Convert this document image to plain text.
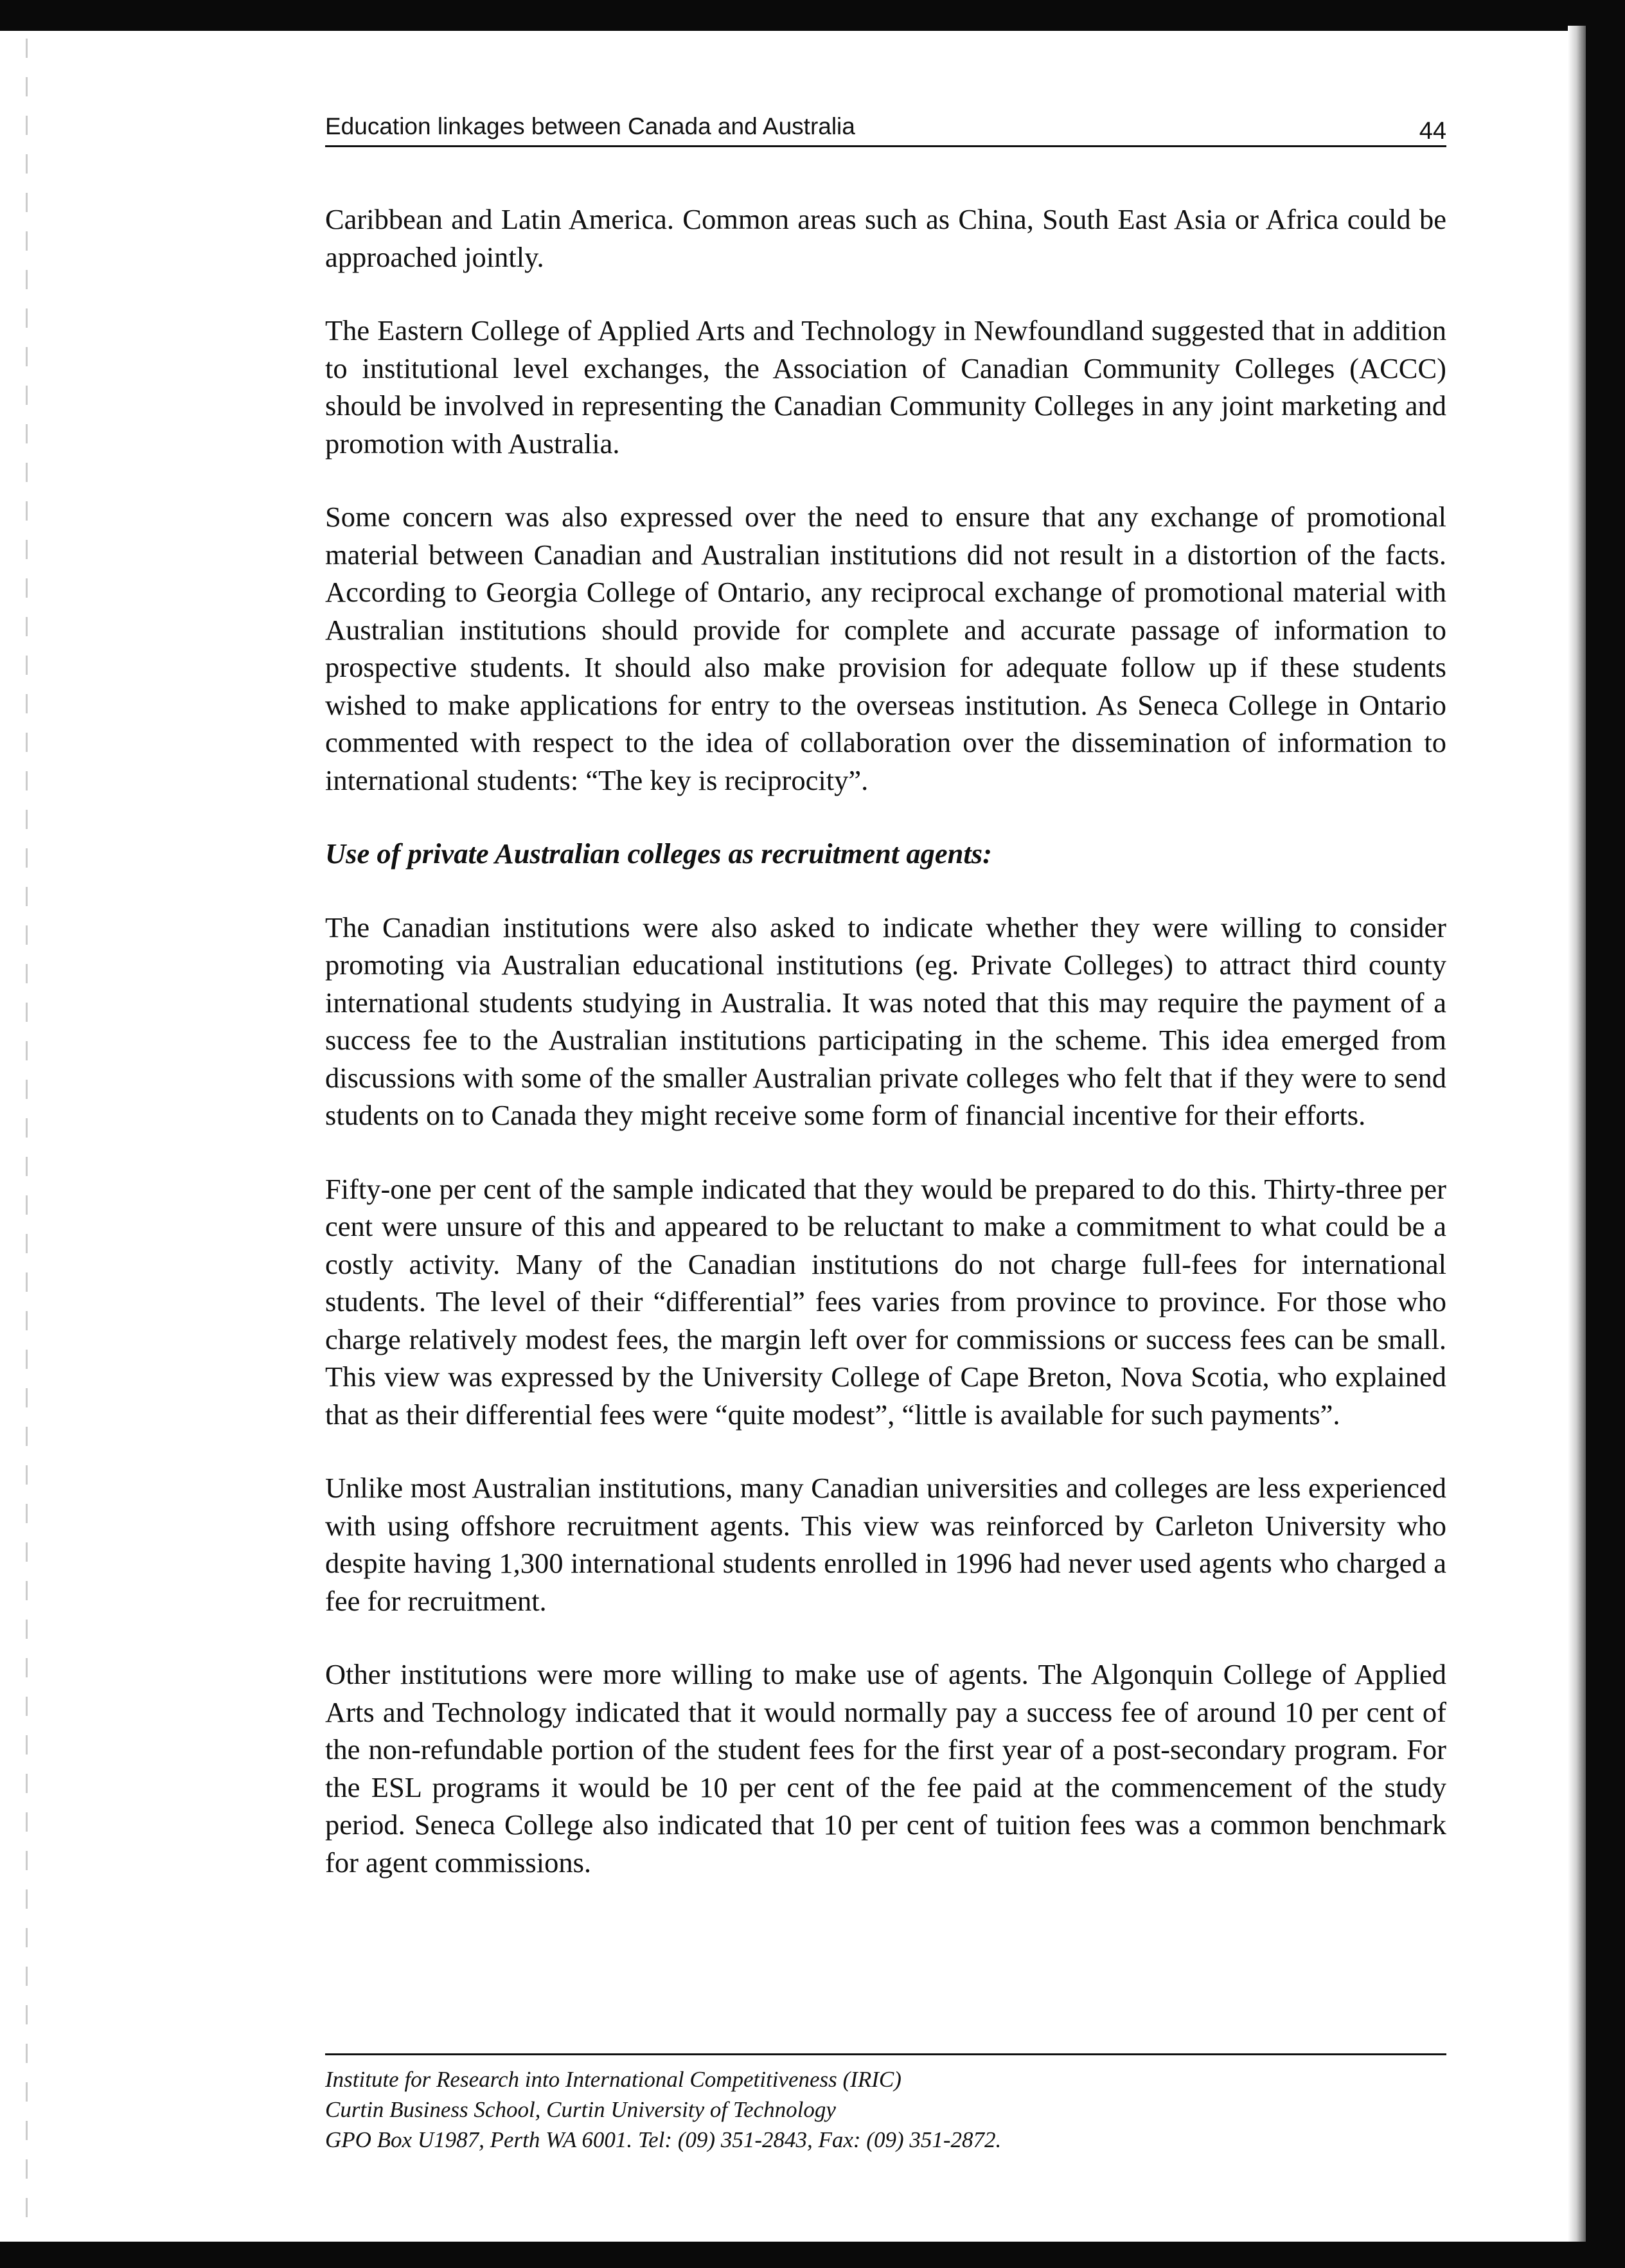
Education linkages between Canada and Australia	44

Caribbean and Latin America. Common areas such as China, South East Asia or Africa could be approached jointly.

The Eastern College of Applied Arts and Technology in Newfoundland suggested that in addition to institutional level exchanges, the Association of Canadian Community Colleges (ACCC) should be involved in representing the Canadian Community Colleges in any joint marketing and promotion with Australia.

Some concern was also expressed over the need to ensure that any exchange of promotional material between Canadian and Australian institutions did not result in a distortion of the facts. According to Georgia College of Ontario, any reciprocal exchange of promotional material with Australian institutions should provide for complete and accurate passage of information to prospective students. It should also make provision for adequate follow up if these students wished to make applications for entry to the overseas institution. As Seneca College in Ontario commented with respect to the idea of collaboration over the dissemination of information to international students: “The key is reciprocity”.

Use of private Australian colleges as recruitment agents:

The Canadian institutions were also asked to indicate whether they were willing to consider promoting via Australian educational institutions (eg. Private Colleges) to attract third county international students studying in Australia. It was noted that this may require the payment of a success fee to the Australian institutions participating in the scheme. This idea emerged from discussions with some of the smaller Australian private colleges who felt that if they were to send students on to Canada they might receive some form of financial incentive for their efforts.

Fifty-one per cent of the sample indicated that they would be prepared to do this. Thirty-three per cent were unsure of this and appeared to be reluctant to make a commitment to what could be a costly activity. Many of the Canadian institutions do not charge full-fees for international students. The level of their “differential” fees varies from province to province. For those who charge relatively modest fees, the margin left over for commissions or success fees can be small. This view was expressed by the University College of Cape Breton, Nova Scotia, who explained that as their differential fees were “quite modest”, “little is available for such payments”.

Unlike most Australian institutions, many Canadian universities and colleges are less experienced with using offshore recruitment agents. This view was reinforced by Carleton University who despite having 1,300 international students enrolled in 1996 had never used agents who charged a fee for recruitment.

Other institutions were more willing to make use of agents. The Algonquin College of Applied Arts and Technology indicated that it would normally pay a success fee of around 10 per cent of the non-refundable portion of the student fees for the first year of a post-secondary program. For the ESL programs it would be 10 per cent of the fee paid at the commencement of the study period. Seneca College also indicated that 10 per cent of tuition fees was a common benchmark for agent commissions.

Institute for Research into International Competitiveness (IRIC)
Curtin Business School, Curtin University of Technology
GPO Box U1987, Perth WA 6001. Tel: (09) 351-2843, Fax: (09) 351-2872.
